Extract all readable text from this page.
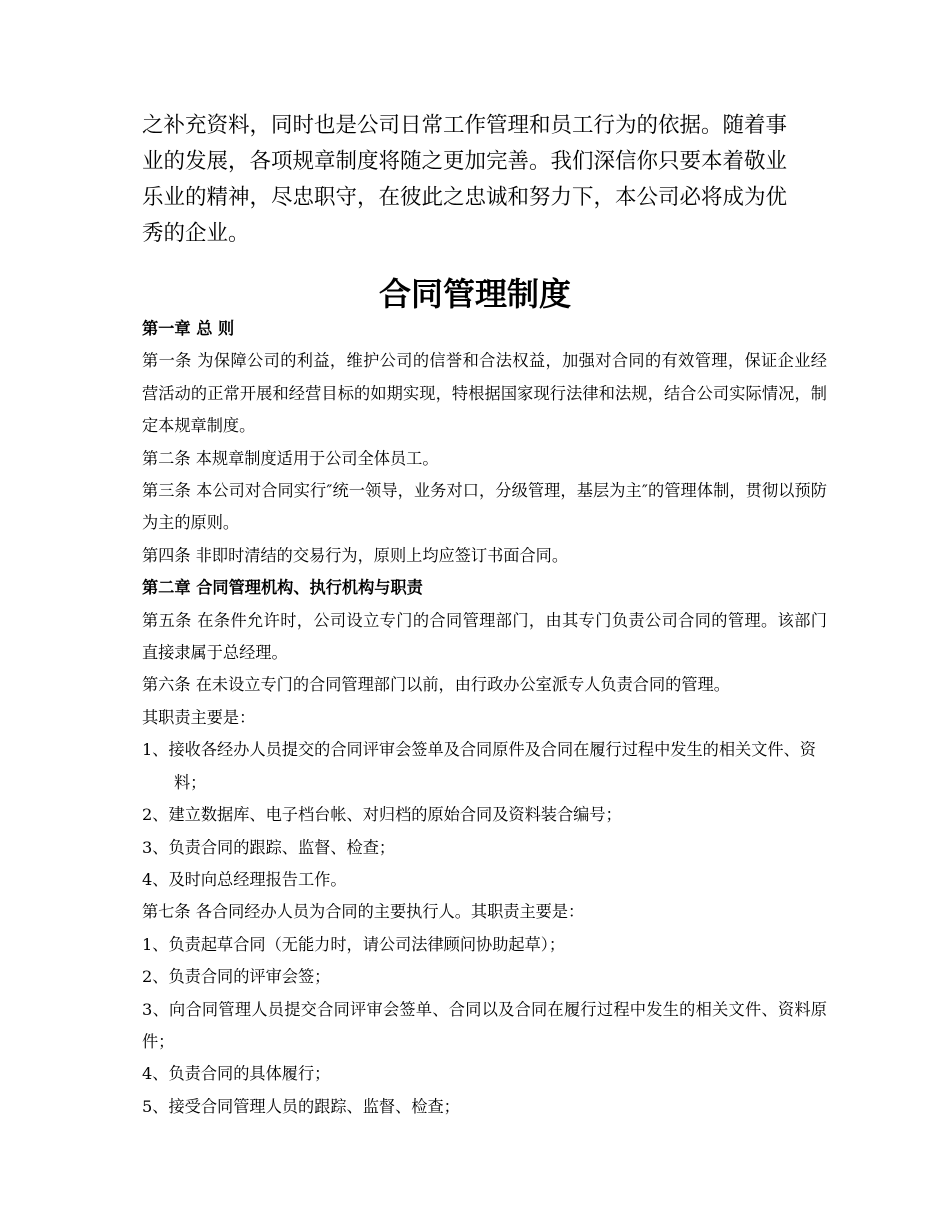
之补充资料，同时也是公司日常工作管理和员工行为的依据。随着事

业的发展，各项规章制度将随之更加完善。我们深信你只要本着敬业

乐业的精神，尽忠职守，在彼此之忠诚和努力下，本公司必将成为优

秀的企业。

合同管理制度

第一章 总 则

第一条 为保障公司的利益，维护公司的信誉和合法权益，加强对合同的有效管理，保证企业经营活动的正常开展和经营目标的如期实现，特根据国家现行法律和法规，结合公司实际情况，制定本规章制度。

第二条 本规章制度适用于公司全体员工。

第三条 本公司对合同实行″统一领导，业务对口，分级管理，基层为主″的管理体制，贯彻以预防为主的原则。

第四条 非即时清结的交易行为，原则上均应签订书面合同。

第二章 合同管理机构、执行机构与职责

第五条 在条件允许时，公司设立专门的合同管理部门，由其专门负责公司合同的管理。该部门直接隶属于总经理。

第六条 在未设立专门的合同管理部门以前，由行政办公室派专人负责合同的管理。

其职责主要是：

1、接收各经办人员提交的合同评审会签单及合同原件及合同在履行过程中发生的相关文件、资料；

2、建立数据库、电子档台帐、对归档的原始合同及资料装合编号；

3、负责合同的跟踪、监督、检查；

4、及时向总经理报告工作。

第七条 各合同经办人员为合同的主要执行人。其职责主要是：

1、负责起草合同（无能力时，请公司法律顾问协助起草）；

2、负责合同的评审会签；

3、向合同管理人员提交合同评审会签单、合同以及合同在履行过程中发生的相关文件、资料原件；

4、负责合同的具体履行；

5、接受合同管理人员的跟踪、监督、检查；
